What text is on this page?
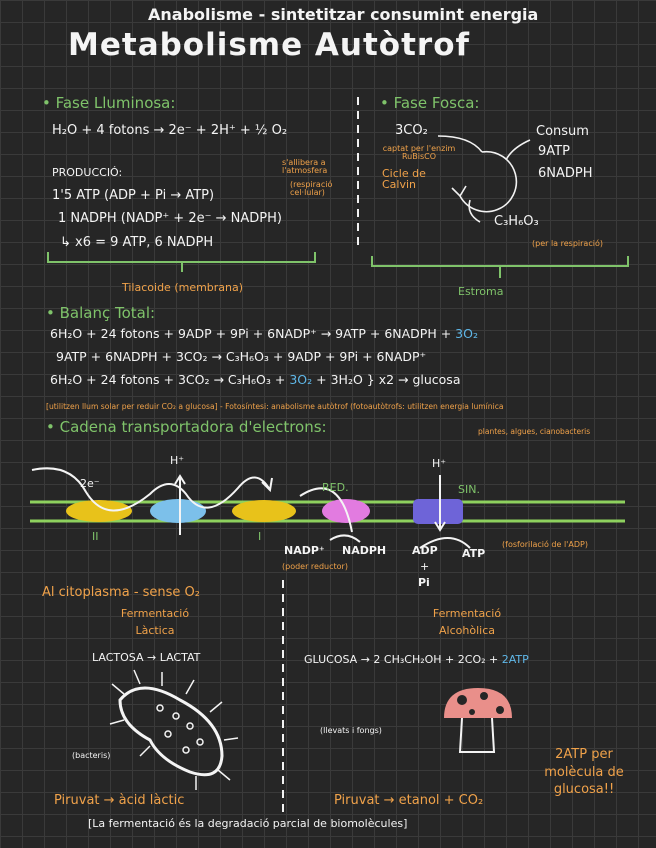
Anabolisme - sintetitzar consumint energia
Metabolisme Autòtrof
• Fase Lluminosa:
H₂O + 4 fotons → 2e⁻ + 2H⁺ + ½ O₂
s'allibera a l'atmosfera
(respiració cel·lular)
PRODUCCIÓ:
1'5 ATP (ADP + Pi → ATP)
1 NADPH (NADP⁺ + 2e⁻ → NADPH)
↳ x6 = 9 ATP, 6 NADPH
Tilacoide (membrana)
• Fase Fosca:
3CO₂
captat per l'enzim RuBisCO
Cicle de Calvin
Consum
9ATP
6NADPH
C₃H₆O₃
(per la respiració)
Estroma
• Balanç Total:
6H₂O + 24 fotons + 9ADP + 9Pi + 6NADP⁺ → 9ATP + 6NADPH + 3O₂
9ATP + 6NADPH + 3CO₂ → C₃H₆O₃ + 9ADP + 9Pi + 6NADP⁺
6H₂O + 24 fotons + 3CO₂ → C₃H₆O₃ + 3O₂ + 3H₂O } x2 → glucosa
[utilitzen llum solar per reduir CO₂ a glucosa] - Fotosíntesi: anabolisme autòtrof (fotoautòtrofs: utilitzen energia lumínica
plantes, algues, cianobacteris
• Cadena transportadora d'electrons:
2e⁻
H⁺	H⁺
RED.	SIN.
II	I
NADP⁺ NADPH
(poder reductor)
ADP
+
Pi
ATP
(fosforilació de l'ADP)
Al citoplasma - sense O₂
Fermentació Làctica
LACTOSA → LACTAT
(bacteris)
Piruvat → àcid làctic
Fermentació Alcohòlica
GLUCOSA → 2 CH₃CH₂OH + 2CO₂ + 2ATP
(llevats i fongs)
Piruvat → etanol + CO₂
2ATP per molècula de glucosa!!
[La fermentació és la degradació parcial de biomolècules]
